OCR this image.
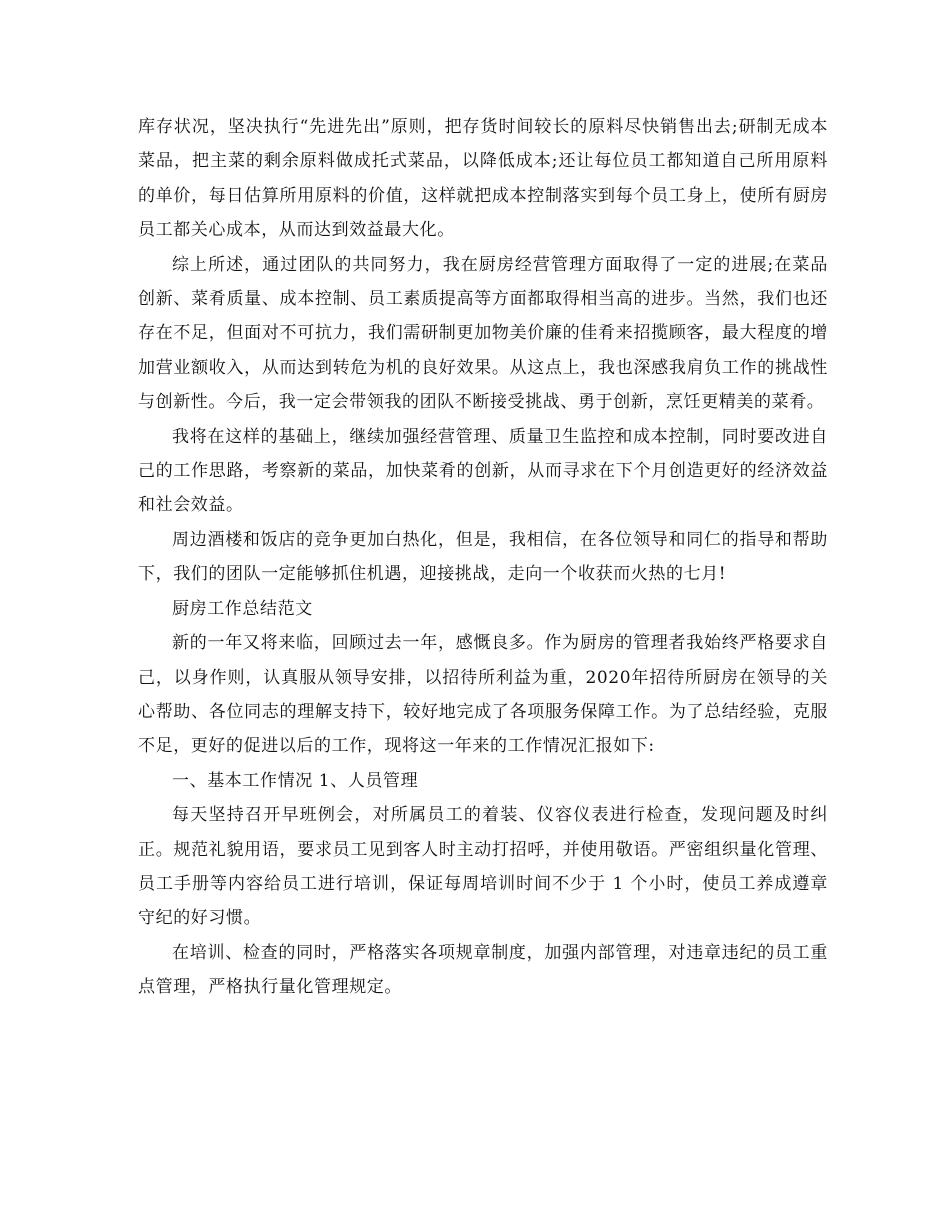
库存状况，坚决执行“先进先出”原则，把存货时间较长的原料尽快销售出去;研制无成本菜品，把主菜的剩余原料做成托式菜品，以降低成本;还让每位员工都知道自己所用原料的单价，每日估算所用原料的价值，这样就把成本控制落实到每个员工身上，使所有厨房员工都关心成本，从而达到效益最大化。

综上所述，通过团队的共同努力，我在厨房经营管理方面取得了一定的进展;在菜品创新、菜肴质量、成本控制、员工素质提高等方面都取得相当高的进步。当然，我们也还存在不足，但面对不可抗力，我们需研制更加物美价廉的佳肴来招揽顾客，最大程度的增加营业额收入，从而达到转危为机的良好效果。从这点上，我也深感我肩负工作的挑战性与创新性。今后，我一定会带领我的团队不断接受挑战、勇于创新，烹饪更精美的菜肴。

我将在这样的基础上，继续加强经营管理、质量卫生监控和成本控制，同时要改进自己的工作思路，考察新的菜品，加快菜肴的创新，从而寻求在下个月创造更好的经济效益和社会效益。

周边酒楼和饭店的竞争更加白热化，但是，我相信，在各位领导和同仁的指导和帮助下，我们的团队一定能够抓住机遇，迎接挑战，走向一个收获而火热的七月!

厨房工作总结范文

新的一年又将来临，回顾过去一年，感慨良多。作为厨房的管理者我始终严格要求自己，以身作则，认真服从领导安排，以招待所利益为重，2020年招待所厨房在领导的关心帮助、各位同志的理解支持下，较好地完成了各项服务保障工作。为了总结经验，克服不足，更好的促进以后的工作，现将这一年来的工作情况汇报如下:

一、基本工作情况 1、人员管理

每天坚持召开早班例会，对所属员工的着装、仪容仪表进行检查，发现问题及时纠正。规范礼貌用语，要求员工见到客人时主动打招呼，并使用敬语。严密组织量化管理、员工手册等内容给员工进行培训，保证每周培训时间不少于 1 个小时，使员工养成遵章守纪的好习惯。

在培训、检查的同时，严格落实各项规章制度，加强内部管理，对违章违纪的员工重点管理，严格执行量化管理规定。
